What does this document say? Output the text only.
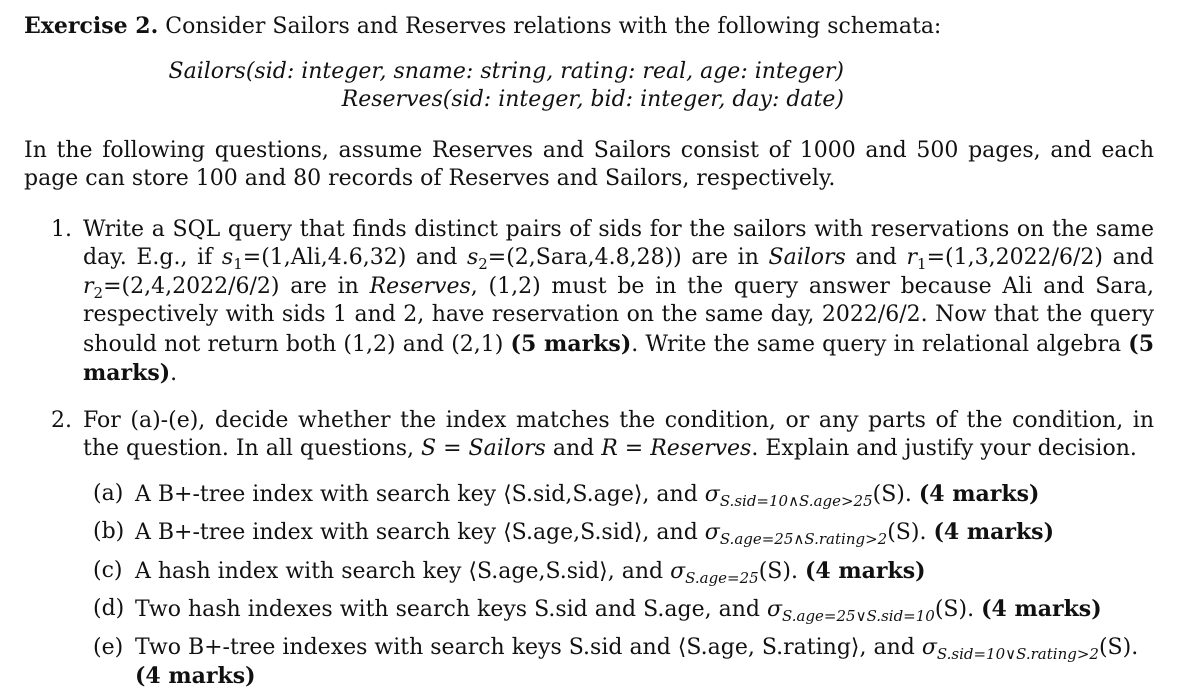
Exercise 2. Consider Sailors and Reserves relations with the following schemata:

Sailors(sid: integer, sname: string, rating: real, age: integer)

Reserves(sid: integer, bid: integer, day: date)

In the following questions, assume Reserves and Sailors consist of 1000 and 500 pages, and each page can store 100 and 80 records of Reserves and Sailors, respectively.

1. Write a SQL query that finds distinct pairs of sids for the sailors with reservations on the same day. E.g., if $s_1=(1,Ali,4.6,32)$ and $s_2=(2,Sara,4.8,28)$) are in Sailors and $r_1=(1,3,2022/6/2)$ and $r_2=(2,4,2022/6/2)$ are in Reserves, (1,2) must be in the query answer because Ali and Sara, respectively with sids 1 and 2, have reservation on the same day, 2022/6/2. Now that the query should not return both (1,2) and (2,1) (5 marks). Write the same query in relational algebra (5 marks).
2. For (a)-(e), decide whether the index matches the condition, or any parts of the condition, in the question. In all questions, S = Sailors and R = Reserves. Explain and justify your decision.
(a) A B+-tree index with search key ⟨S.sid,S.age⟩, and $\sigma_{S.sid=10\wedge S.age>25}(S)$. (4 marks)
(b) A B+-tree index with search key ⟨S.age,S.sid⟩, and $\sigma_{S.age=25\wedge S.rating>2}(S)$. (4 marks)
(c) A hash index with search key ⟨S.age,S.sid⟩, and $\sigma_{S.age=25}(S)$. (4 marks)
(d) Two hash indexes with search keys S.sid and S.age, and $\sigma_{S.age=25\vee S.sid=10}(S)$. (4 marks)
(e) Two B+-tree indexes with search keys S.sid and ⟨S.age, S.rating⟩, and $\sigma_{S.sid=10\vee S.rating>2}(S)$. (4 marks)
